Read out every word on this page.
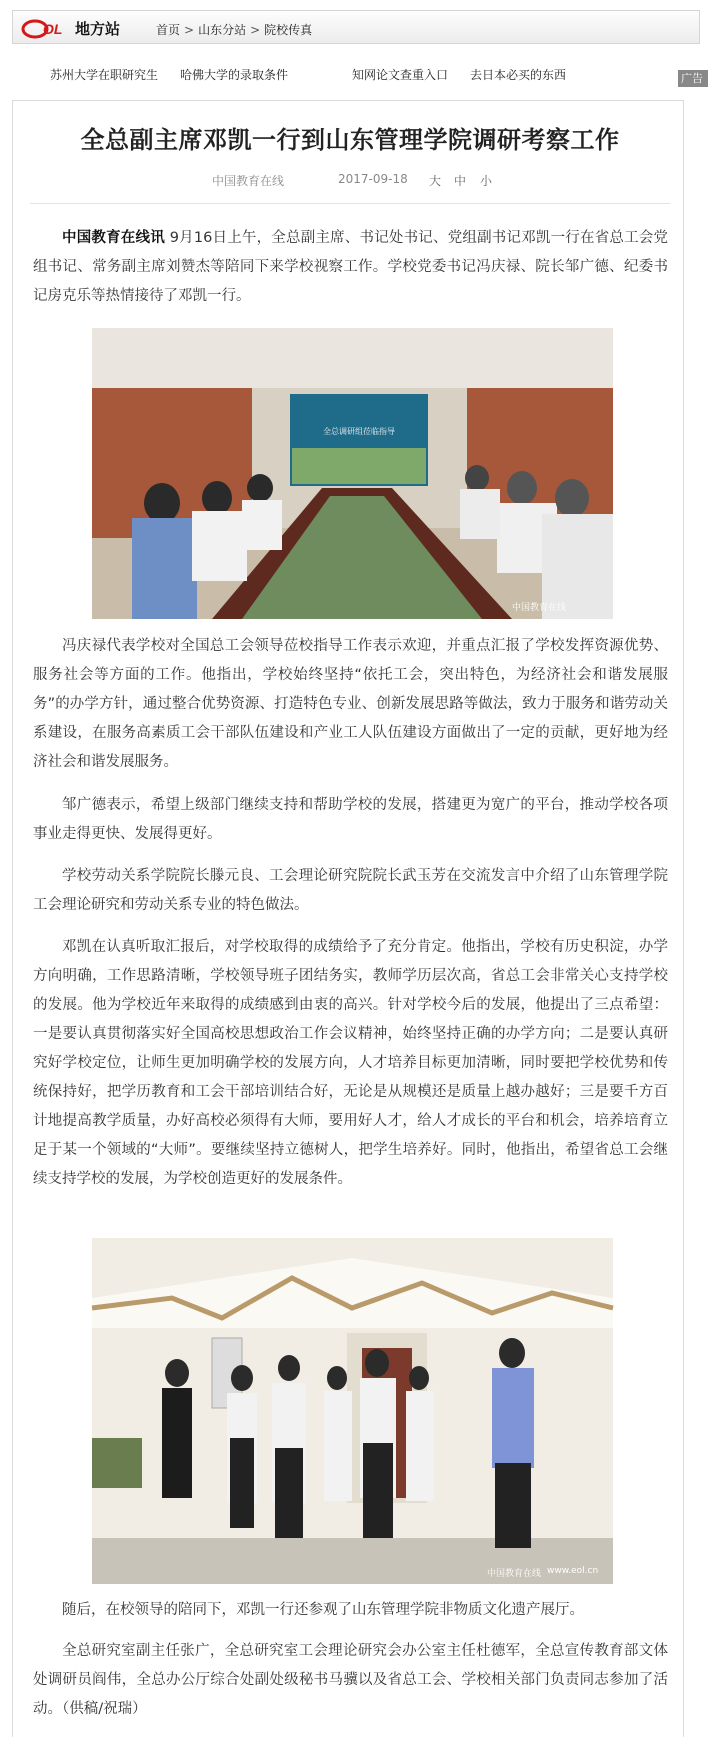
OL 地方站	首页 > 山东分站 > 院校传真
苏州大学在职研究生 哈佛大学的录取条件	知网论文查重入口 去日本必买的东西	广告
全总副主席邓凯一行到山东管理学院调研考察工作
中国教育在线	2017-09-18 大 中 小

中国教育在线讯 9月16日上午，全总副主席、书记处书记、党组副书记邓凯一行在省总工会党组书记、常务副主席刘赞杰等陪同下来学校视察工作。学校党委书记冯庆禄、院长邹广德、纪委书记房克乐等热情接待了邓凯一行。

全总调研组莅临指导
中国教育在线

冯庆禄代表学校对全国总工会领导莅校指导工作表示欢迎，并重点汇报了学校发挥资源优势、服务社会等方面的工作。他指出，学校始终坚持“依托工会，突出特色，为经济社会和谐发展服务”的办学方针，通过整合优势资源、打造特色专业、创新发展思路等做法，致力于服务和谐劳动关系建设，在服务高素质工会干部队伍建设和产业工人队伍建设方面做出了一定的贡献，更好地为经济社会和谐发展服务。

邹广德表示，希望上级部门继续支持和帮助学校的发展，搭建更为宽广的平台，推动学校各项事业走得更快、发展得更好。

学校劳动关系学院院长滕元良、工会理论研究院院长武玉芳在交流发言中介绍了山东管理学院工会理论研究和劳动关系专业的特色做法。

邓凯在认真听取汇报后，对学校取得的成绩给予了充分肯定。他指出，学校有历史积淀，办学方向明确，工作思路清晰，学校领导班子团结务实，教师学历层次高，省总工会非常关心支持学校的发展。他为学校近年来取得的成绩感到由衷的高兴。针对学校今后的发展，他提出了三点希望：一是要认真贯彻落实好全国高校思想政治工作会议精神，始终坚持正确的办学方向；二是要认真研究好学校定位，让师生更加明确学校的发展方向，人才培养目标更加清晰，同时要把学校优势和传统保持好，把学历教育和工会干部培训结合好，无论是从规模还是质量上越办越好；三是要千方百计地提高教学质量，办好高校必须得有大师，要用好人才，给人才成长的平台和机会，培养培育立足于某一个领域的“大师”。要继续坚持立德树人，把学生培养好。同时，他指出，希望省总工会继续支持学校的发展，为学校创造更好的发展条件。

中国教育在线 www.eol.cn

随后，在校领导的陪同下，邓凯一行还参观了山东管理学院非物质文化遗产展厅。

全总研究室副主任张广，全总研究室工会理论研究会办公室主任杜德军，全总宣传教育部文体处调研员阎伟，全总办公厅综合处副处级秘书马骥以及省总工会、学校相关部门负责同志参加了活动。（供稿/祝瑞）
